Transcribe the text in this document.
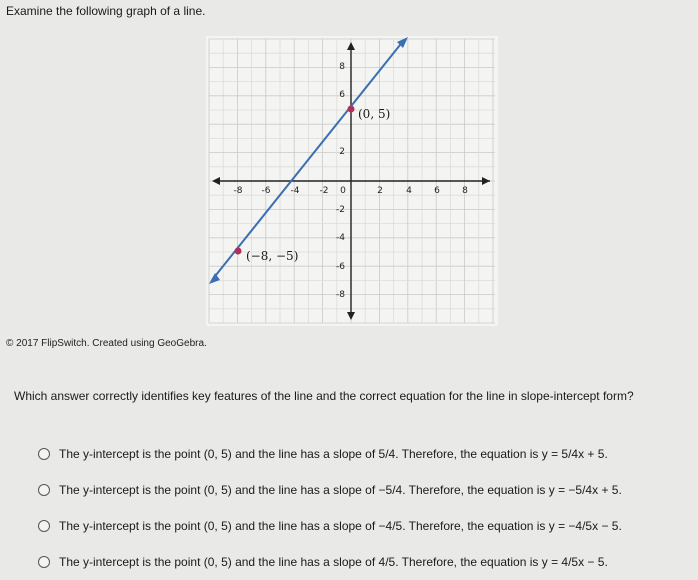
Examine the following graph of a line.
-8 -6 -4 -2 0	2	4 6 8
8
6
2
-2
-4
-6
-8
(0, 5)
(−8, −5)
© 2017 FlipSwitch. Created using GeoGebra.
Which answer correctly identifies key features of the line and the correct equation for the line in slope-intercept form?
The y-intercept is the point (0, 5) and the line has a slope of 5/4. Therefore, the equation is y = 5/4x + 5.
The y-intercept is the point (0, 5) and the line has a slope of −5/4. Therefore, the equation is y = −5/4x + 5.
The y-intercept is the point (0, 5) and the line has a slope of −4/5. Therefore, the equation is y = −4/5x − 5.
The y-intercept is the point (0, 5) and the line has a slope of 4/5. Therefore, the equation is y = 4/5x − 5.
